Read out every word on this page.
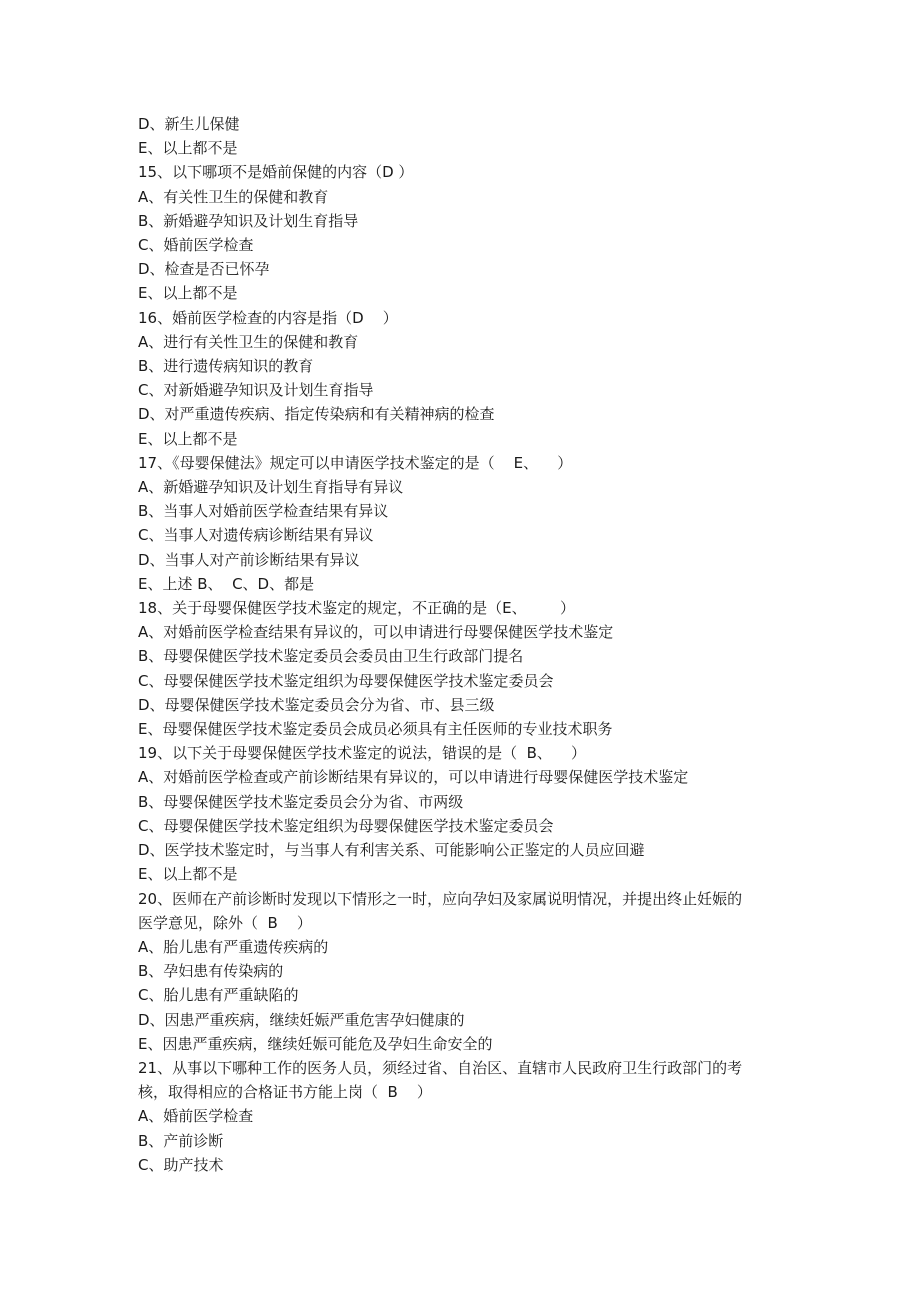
D、新生儿保健

E、以上都不是

15、以下哪项不是婚前保健的内容（D ）

A、有关性卫生的保健和教育

B、新婚避孕知识及计划生育指导

C、婚前医学检查

D、检查是否已怀孕

E、以上都不是

16、婚前医学检查的内容是指（D    ）

A、进行有关性卫生的保健和教育

B、进行遗传病知识的教育

C、对新婚避孕知识及计划生育指导

D、对严重遗传疾病、指定传染病和有关精神病的检查

E、以上都不是

17、《母婴保健法》规定可以申请医学技术鉴定的是（    E、    ）

A、新婚避孕知识及计划生育指导有异议

B、当事人对婚前医学检查结果有异议

C、当事人对遗传病诊断结果有异议

D、当事人对产前诊断结果有异议

E、上述 B、  C、D、都是

18、关于母婴保健医学技术鉴定的规定，不正确的是（E、       ）

A、对婚前医学检查结果有异议的，可以申请进行母婴保健医学技术鉴定

B、母婴保健医学技术鉴定委员会委员由卫生行政部门提名

C、母婴保健医学技术鉴定组织为母婴保健医学技术鉴定委员会

D、母婴保健医学技术鉴定委员会分为省、市、县三级

E、母婴保健医学技术鉴定委员会成员必须具有主任医师的专业技术职务

19、以下关于母婴保健医学技术鉴定的说法，错误的是（  B、    ）

A、对婚前医学检查或产前诊断结果有异议的，可以申请进行母婴保健医学技术鉴定

B、母婴保健医学技术鉴定委员会分为省、市两级

C、母婴保健医学技术鉴定组织为母婴保健医学技术鉴定委员会

D、医学技术鉴定时，与当事人有利害关系、可能影响公正鉴定的人员应回避

E、以上都不是

20、医师在产前诊断时发现以下情形之一时，应向孕妇及家属说明情况，并提出终止妊娠的

医学意见，除外（  B    ）

A、胎儿患有严重遗传疾病的

B、孕妇患有传染病的

C、胎儿患有严重缺陷的

D、因患严重疾病，继续妊娠严重危害孕妇健康的

E、因患严重疾病，继续妊娠可能危及孕妇生命安全的

21、从事以下哪种工作的医务人员，须经过省、自治区、直辖市人民政府卫生行政部门的考

核，取得相应的合格证书方能上岗（  B    ）

A、婚前医学检查

B、产前诊断

C、助产技术
